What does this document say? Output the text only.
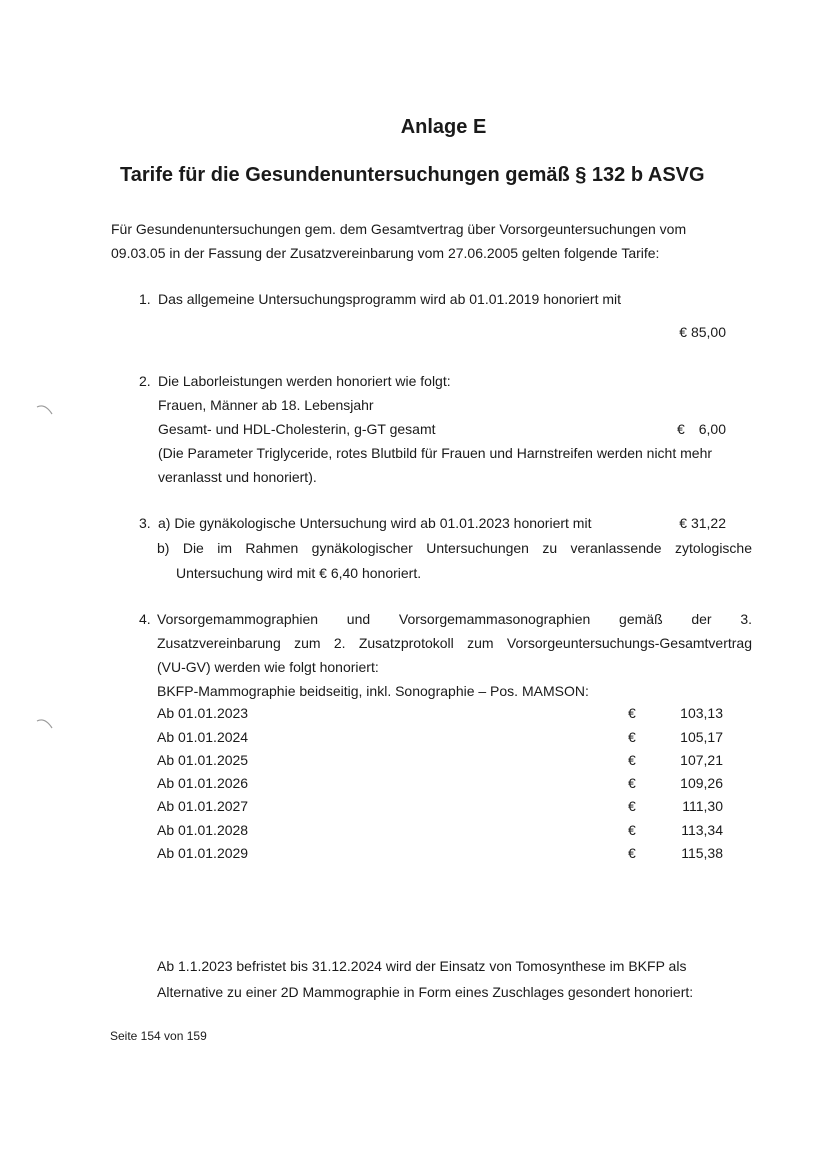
Anlage E
Tarife für die Gesundenuntersuchungen gemäß § 132 b ASVG
Für Gesundenuntersuchungen gem. dem Gesamtvertrag über Vorsorgeuntersuchungen vom
09.03.05 in der Fassung der Zusatzvereinbarung vom 27.06.2005 gelten folgende Tarife:
1. Das allgemeine Untersuchungsprogramm wird ab 01.01.2019 honoriert mit
€ 85,00
2. Die Laborleistungen werden honoriert wie folgt:
Frauen, Männer ab 18. Lebensjahr
Gesamt- und HDL-Cholesterin, g-GT gesamt	€ 6,00
(Die Parameter Triglyceride, rotes Blutbild für Frauen und Harnstreifen werden nicht mehr
veranlasst und honoriert).
3. a) Die gynäkologische Untersuchung wird ab 01.01.2023 honoriert mit	€ 31,22
b) Die im Rahmen gynäkologischer Untersuchungen zu veranlassende zytologische
Untersuchung wird mit € 6,40 honoriert.
4. Vorsorgemammographien und Vorsorgemammasonographien gemäß der 3.
Zusatzvereinbarung zum 2. Zusatzprotokoll zum Vorsorgeuntersuchungs-Gesamtvertrag
(VU-GV) werden wie folgt honoriert:
BKFP-Mammographie beidseitig, inkl. Sonographie – Pos. MAMSON:
Ab 01.01.2023	€	103,13
Ab 01.01.2024	€	105,17
Ab 01.01.2025	€	107,21
Ab 01.01.2026	€	109,26
Ab 01.01.2027	€	111,30
Ab 01.01.2028	€	113,34
Ab 01.01.2029	€	115,38
Ab 1.1.2023 befristet bis 31.12.2024 wird der Einsatz von Tomosynthese im BKFP als
Alternative zu einer 2D Mammographie in Form eines Zuschlages gesondert honoriert:
Seite 154 von 159
